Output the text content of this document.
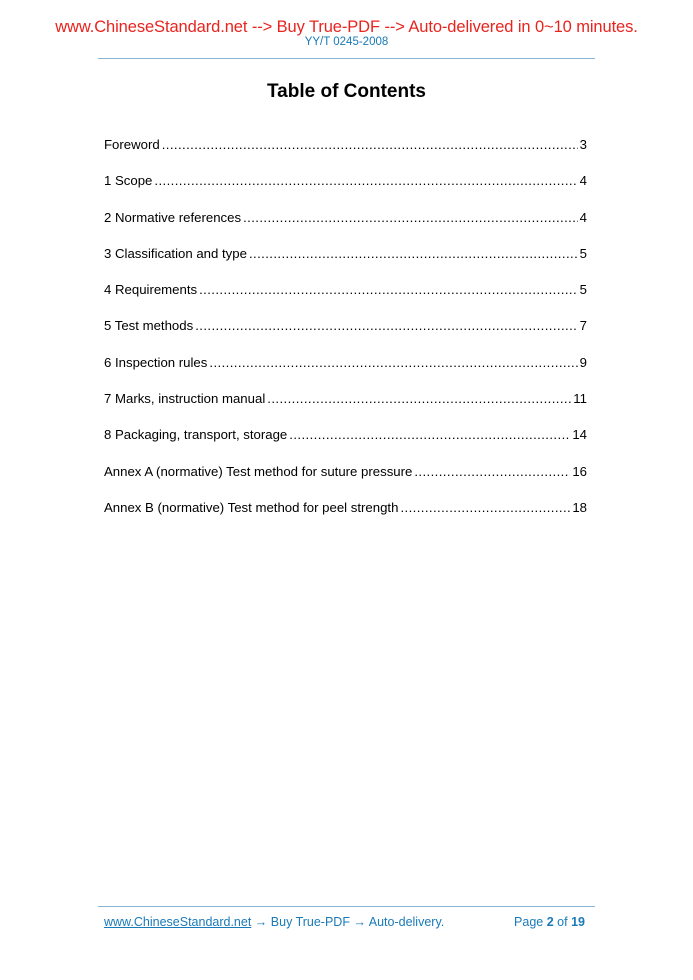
www.ChineseStandard.net --> Buy True-PDF --> Auto-delivered in 0~10 minutes.
YY/T 0245-2008
Table of Contents
Foreword .....	3
1 Scope .....	4
2 Normative references .....	4
3 Classification and type .....	5
4 Requirements .....	5
5 Test methods .....	7
6 Inspection rules .....	9
7 Marks, instruction manual .....	11
8 Packaging, transport, storage .....	14
Annex A (normative) Test method for suture pressure .....	16
Annex B (normative) Test method for peel strength .....	18
www.ChineseStandard.net → Buy True-PDF → Auto-delivery.	Page 2 of 19
